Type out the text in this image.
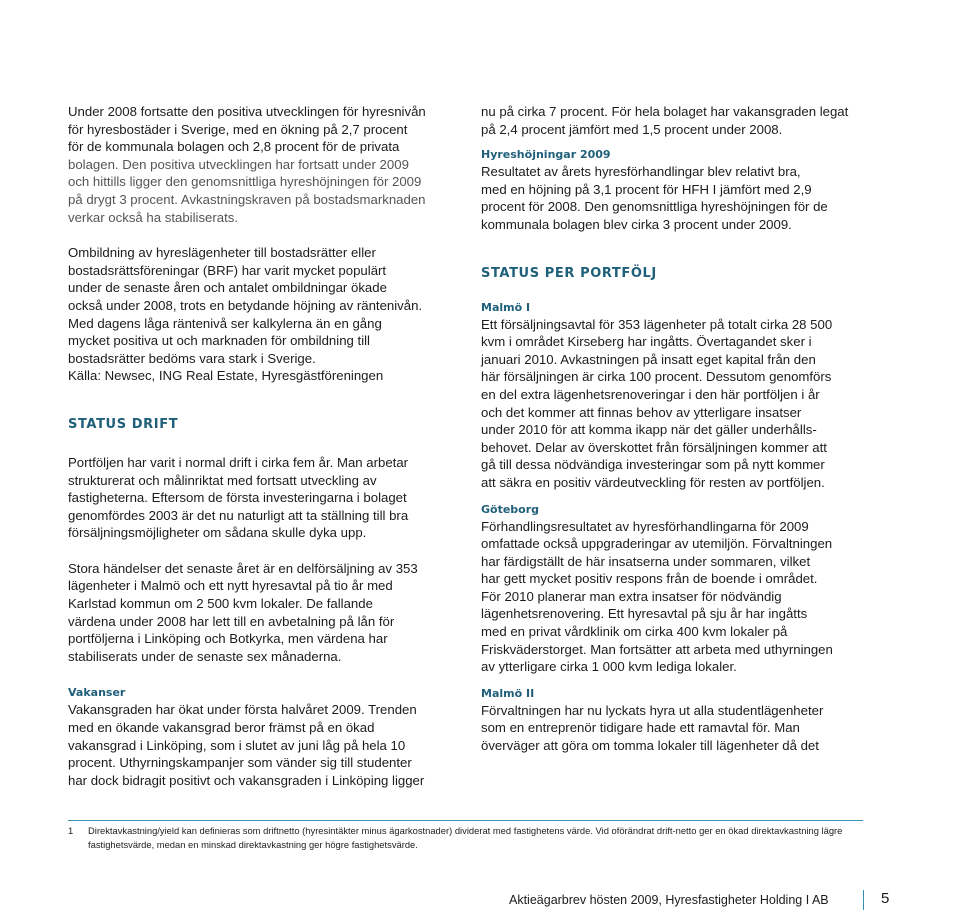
Under 2008 fortsatte den positiva utvecklingen för hyresnivån

för hyresbostäder i Sverige, med en ökning på 2,7 procent

för de kommunala bolagen och 2,8 procent för de privata

bolagen. Den positiva utvecklingen har fortsatt under 2009

och hittills ligger den genomsnittliga hyreshöjningen för 2009

på drygt 3 procent. Avkastningskraven på bostadsmarknaden

verkar också ha stabiliserats.

Ombildning av hyreslägenheter till bostadsrätter eller

bostadsrättsföreningar (BRF) har varit mycket populärt

under de senaste åren och antalet ombildningar ökade

också under 2008, trots en betydande höjning av räntenivån.

Med dagens låga räntenivå ser kalkylerna än en gång

mycket positiva ut och marknaden för ombildning till

bostadsrätter bedöms vara stark i Sverige.

Källa: Newsec, ING Real Estate, Hyresgästföreningen

STATUS DRIFT

Portföljen har varit i normal drift i cirka fem år. Man arbetar

strukturerat och målinriktat med fortsatt utveckling av

fastigheterna. Eftersom de första investeringarna i bolaget

genomfördes 2003 är det nu naturligt att ta ställning till bra

försäljningsmöjligheter om sådana skulle dyka upp.

Stora händelser det senaste året är en delförsäljning av 353

lägenheter i Malmö och ett nytt hyresavtal på tio år med

Karlstad kommun om 2 500 kvm lokaler. De fallande

värdena under 2008 har lett till en avbetalning på lån för

portföljerna i Linköping och Botkyrka, men värdena har

stabiliserats under de senaste sex månaderna.

Vakanser

Vakansgraden har ökat under första halvåret 2009. Trenden

med en ökande vakansgrad beror främst på en ökad

vakansgrad i Linköping, som i slutet av juni låg på hela 10

procent. Uthyrningskampanjer som vänder sig till studenter

har dock bidragit positivt och vakansgraden i Linköping ligger

nu på cirka 7 procent. För hela bolaget har vakansgraden legat

på 2,4 procent jämfört med 1,5 procent under 2008.

Hyreshöjningar 2009

Resultatet av årets hyresförhandlingar blev relativt bra,

med en höjning på 3,1 procent för HFH I jämfört med 2,9

procent för 2008. Den genomsnittliga hyreshöjningen för de

kommunala bolagen blev cirka 3 procent under 2009.

STATUS PER PORTFÖLJ
Malmö I

Ett försäljningsavtal för 353 lägenheter på totalt cirka 28 500

kvm i området Kirseberg har ingåtts. Övertagandet sker i

januari 2010. Avkastningen på insatt eget kapital från den

här försäljningen är cirka 100 procent. Dessutom genomförs

en del extra lägenhetsrenoveringar i den här portföljen i år

och det kommer att finnas behov av ytterligare insatser

under 2010 för att komma ikapp när det gäller underhålls-

behovet. Delar av överskottet från försäljningen kommer att

gå till dessa nödvändiga investeringar som på nytt kommer

att säkra en positiv värdeutveckling för resten av portföljen.

Göteborg

Förhandlingsresultatet av hyresförhandlingarna för 2009

omfattade också uppgraderingar av utemiljön. Förvaltningen

har färdigställt de här insatserna under sommaren, vilket

har gett mycket positiv respons från de boende i området.

För 2010 planerar man extra insatser för nödvändig

lägenhetsrenovering. Ett hyresavtal på sju år har ingåtts

med en privat vårdklinik om cirka 400 kvm lokaler på

Friskväderstorget. Man fortsätter att arbeta med uthyrningen

av ytterligare cirka 1 000 kvm lediga lokaler.

Malmö II

Förvaltningen har nu lyckats hyra ut alla studentlägenheter

som en entreprenör tidigare hade ett ramavtal för. Man

överväger att göra om tomma lokaler till lägenheter då det

1 Direktavkastning/yield kan definieras som driftnetto (hyresintäkter minus ägarkostnader) dividerat med fastighetens värde. Vid oförändrat drift-netto ger en ökad direktavkastning lägre fastighetsvärde, medan en minskad direktavkastning ger högre fastighetsvärde.
Aktieägarbrev hösten 2009, Hyresfastigheter Holding I AB	5
